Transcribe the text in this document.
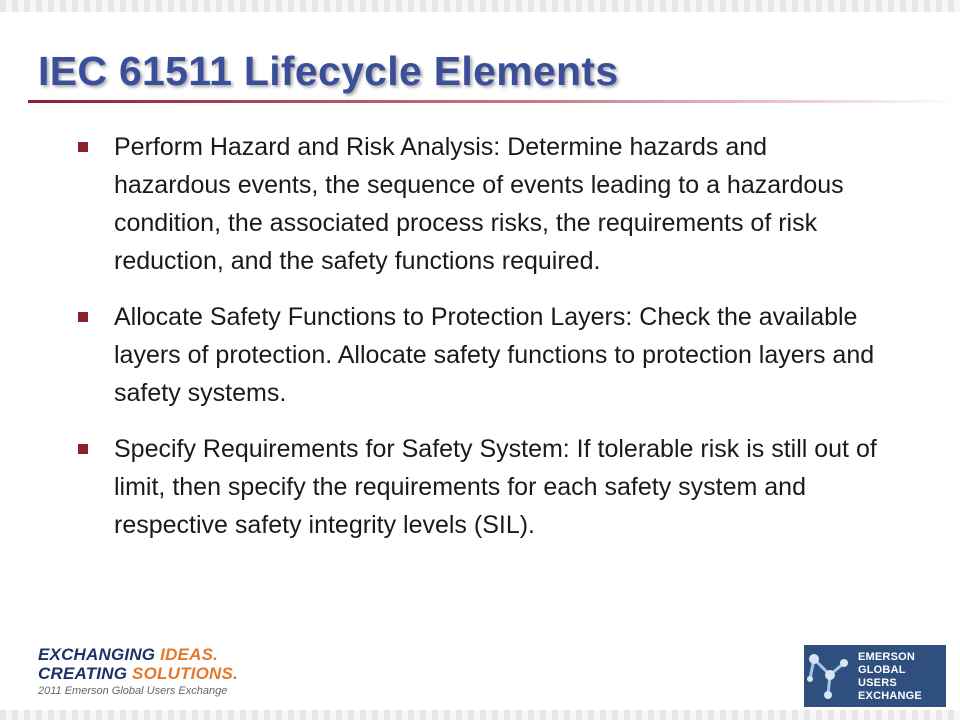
IEC 61511 Lifecycle Elements
Perform Hazard and Risk Analysis: Determine hazards and hazardous events, the sequence of events leading to a hazardous condition, the associated process risks, the requirements of risk reduction, and the safety functions required.
Allocate Safety Functions to Protection Layers: Check the available layers of protection. Allocate safety functions to protection layers and safety systems.
Specify Requirements for Safety System: If tolerable risk is still out of limit, then specify the requirements for each safety system and respective safety integrity levels (SIL).
EXCHANGING IDEAS.
CREATING SOLUTIONS.
2011 Emerson Global Users Exchange
EMERSON
GLOBAL
USERS
EXCHANGE
